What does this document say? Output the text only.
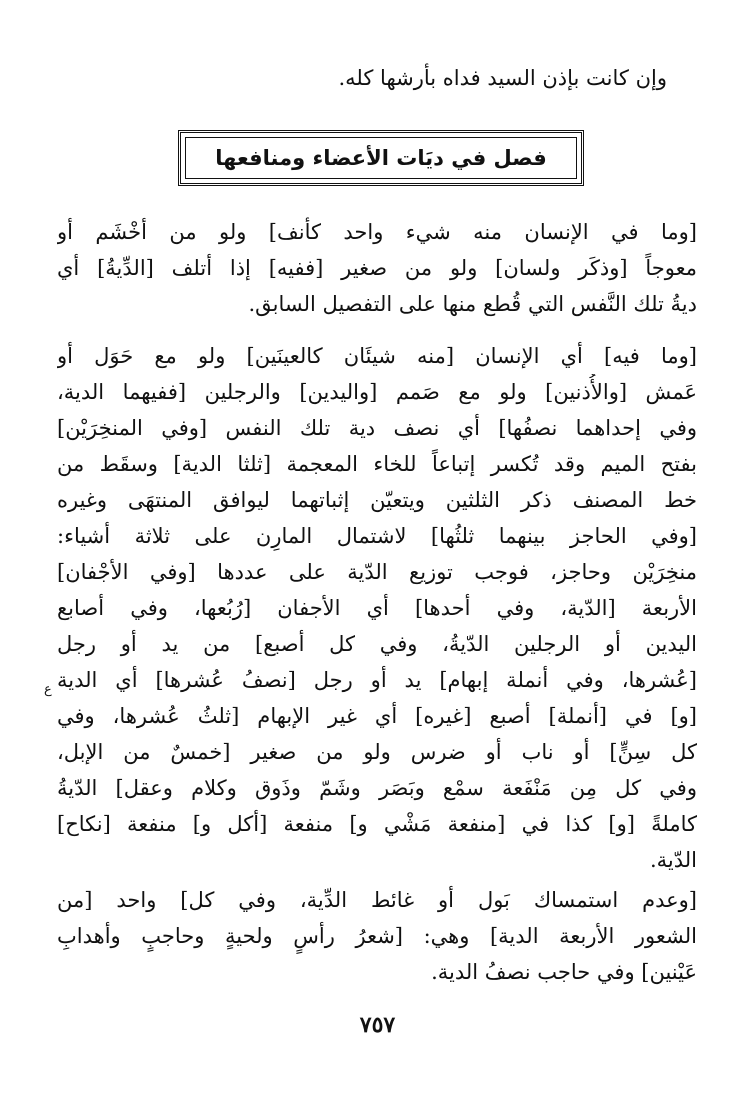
وإن كانت بإذن السيد فداه بأرشها كله.
فصل في ديَات الأعضاء ومنافعها
[وما في الإنسان منه شيء واحد كأنف] ولو من أخْشَم أو
معوجاً [وذكَر ولسان] ولو من صغير [ففيه] إذا أتلف [الدِّيةُ] أي
ديةُ تلك النَّفس التي قُطع منها على التفصيل السابق.
[وما فيه] أي الإنسان [منه شيئَان كالعينَين] ولو مع حَوَل أو
عَمش [والأُذنين] ولو مع صَمم [واليدين] والرجلين [ففيهما الدية،
وفي إحداهما نصفُها] أي نصف دية تلك النفس [وفي المنخِرَيْن]
بفتح الميم وقد تُكسر إتباعاً للخاء المعجمة [ثلثا الدية] وسقَط من
خط المصنف ذكر الثلثين ويتعيّن إثباتهما ليوافق المنتهَى وغيره
[وفي الحاجز بينهما ثلثُها] لاشتمال المارِن على ثلاثة أشياء:
منخِرَيْن وحاجز، فوجب توزيع الدّية على عددها [وفي الأجْفان]
الأربعة [الدّية، وفي أحدها] أي الأجفان [رُبُعها، وفي أصابع
اليدين أو الرجلين الدّيةُ، وفي كل أصبع] من يد أو رجل
[عُشرها، وفي أنملة إبهام] يد أو رجل [نصفُ عُشرها] أي الدية
[و] في [أنملة] أصبع [غيره] أي غير الإبهام [ثلثُ عُشرها، وفي
كل سِنٍّ] أو ناب أو ضرس ولو من صغير [خمسٌ من الإبل،
وفي كل مِن مَنْفَعة سمْع وبَصَر وشَمّ وذَوق وكلام وعقل] الدّيةُ
كاملةً [و] كذا في [منفعة مَشْي و] منفعة [أكل و] منفعة [نكاح]
الدّية.
[وعدم استمساك بَول أو غائط الدِّية، وفي كل] واحد [من
الشعور الأربعة الدية] وهي: [شعرُ رأسٍ ولحيةٍ وحاجبٍ وأهدابِ
عَيْنين] وفي حاجب نصفُ الدية.
ع
٧٥٧
